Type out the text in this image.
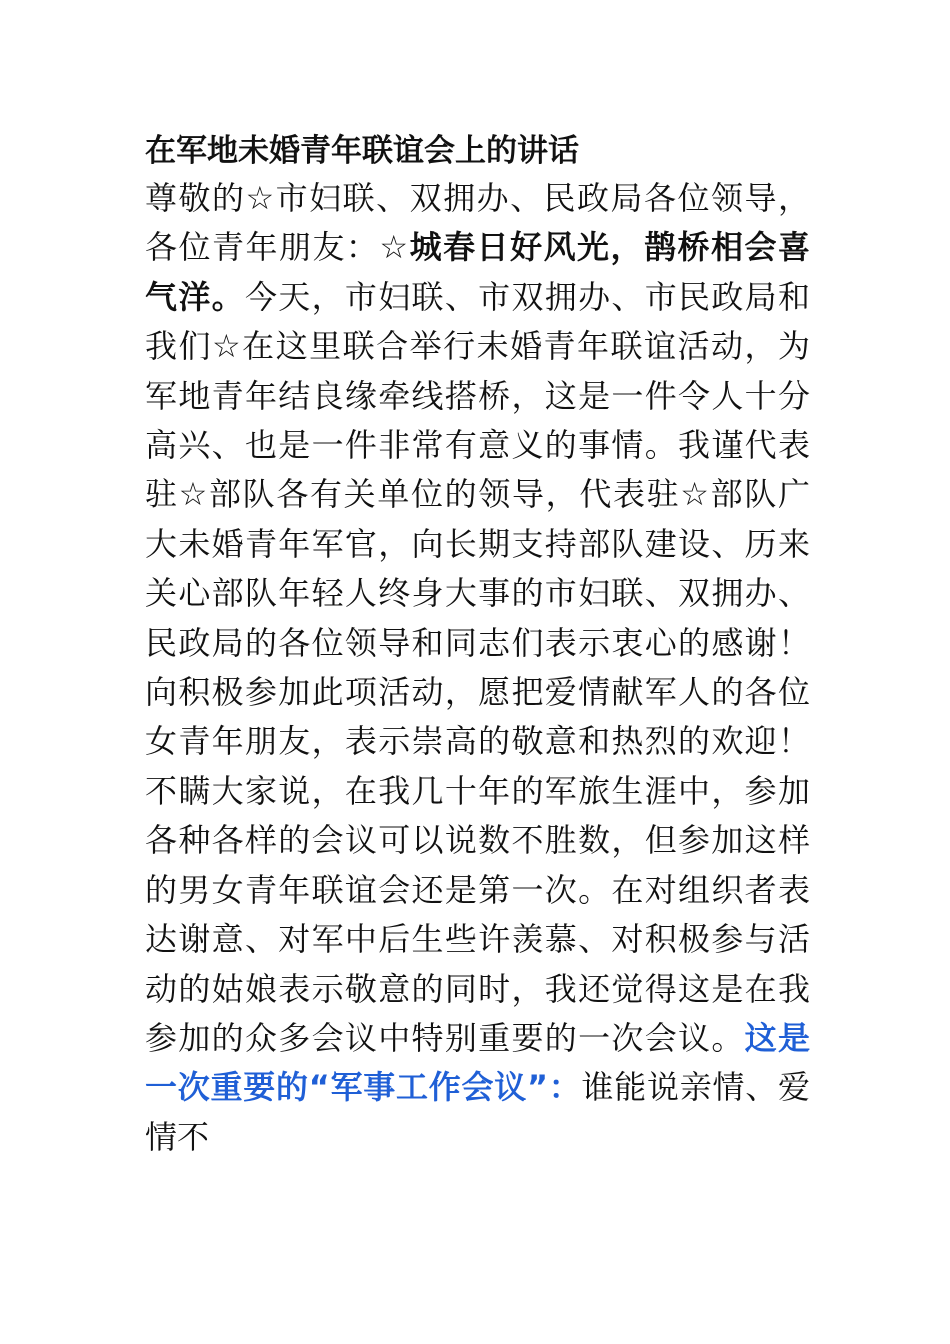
在军地未婚青年联谊会上的讲话

尊敬的☆市妇联、双拥办、民政局各位领导，各位青年朋友：☆城春日好风光，鹊桥相会喜气洋。今天，市妇联、市双拥办、市民政局和我们☆在这里联合举行未婚青年联谊活动，为军地青年结良缘牵线搭桥，这是一件令人十分高兴、也是一件非常有意义的事情。我谨代表驻☆部队各有关单位的领导，代表驻☆部队广大未婚青年军官，向长期支持部队建设、历来关心部队年轻人终身大事的市妇联、双拥办、民政局的各位领导和同志们表示衷心的感谢！向积极参加此项活动，愿把爱情献军人的各位女青年朋友，表示崇高的敬意和热烈的欢迎！不瞒大家说，在我几十年的军旅生涯中，参加各种各样的会议可以说数不胜数，但参加这样的男女青年联谊会还是第一次。在对组织者表达谢意、对军中后生些许羡慕、对积极参与活动的姑娘表示敬意的同时，我还觉得这是在我参加的众多会议中特别重要的一次会议。这是一次重要的“军事工作会议”：谁能说亲情、爱情不
